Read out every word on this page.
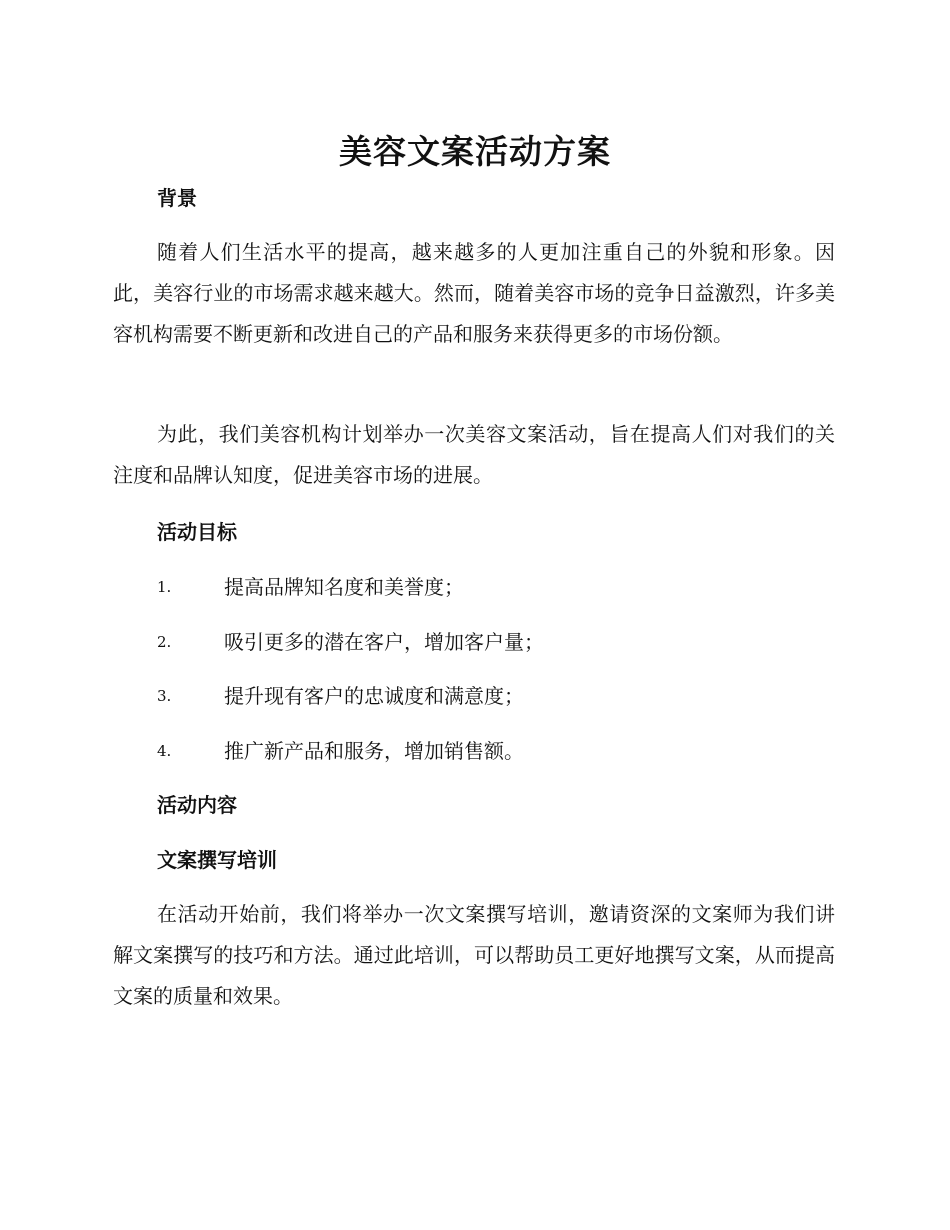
美容文案活动方案
背景

随着人们生活水平的提高，越来越多的人更加注重自己的外貌和形象。因此，美容行业的市场需求越来越大。然而，随着美容市场的竞争日益激烈，许多美容机构需要不断更新和改进自己的产品和服务来获得更多的市场份额。

为此，我们美容机构计划举办一次美容文案活动，旨在提高人们对我们的关注度和品牌认知度，促进美容市场的进展。

活动目标
1.	提高品牌知名度和美誉度；
2.	吸引更多的潜在客户，增加客户量；
3.	提升现有客户的忠诚度和满意度；
4.	推广新产品和服务，增加销售额。
活动内容
文案撰写培训

在活动开始前，我们将举办一次文案撰写培训，邀请资深的文案师为我们讲解文案撰写的技巧和方法。通过此培训，可以帮助员工更好地撰写文案，从而提高文案的质量和效果。
